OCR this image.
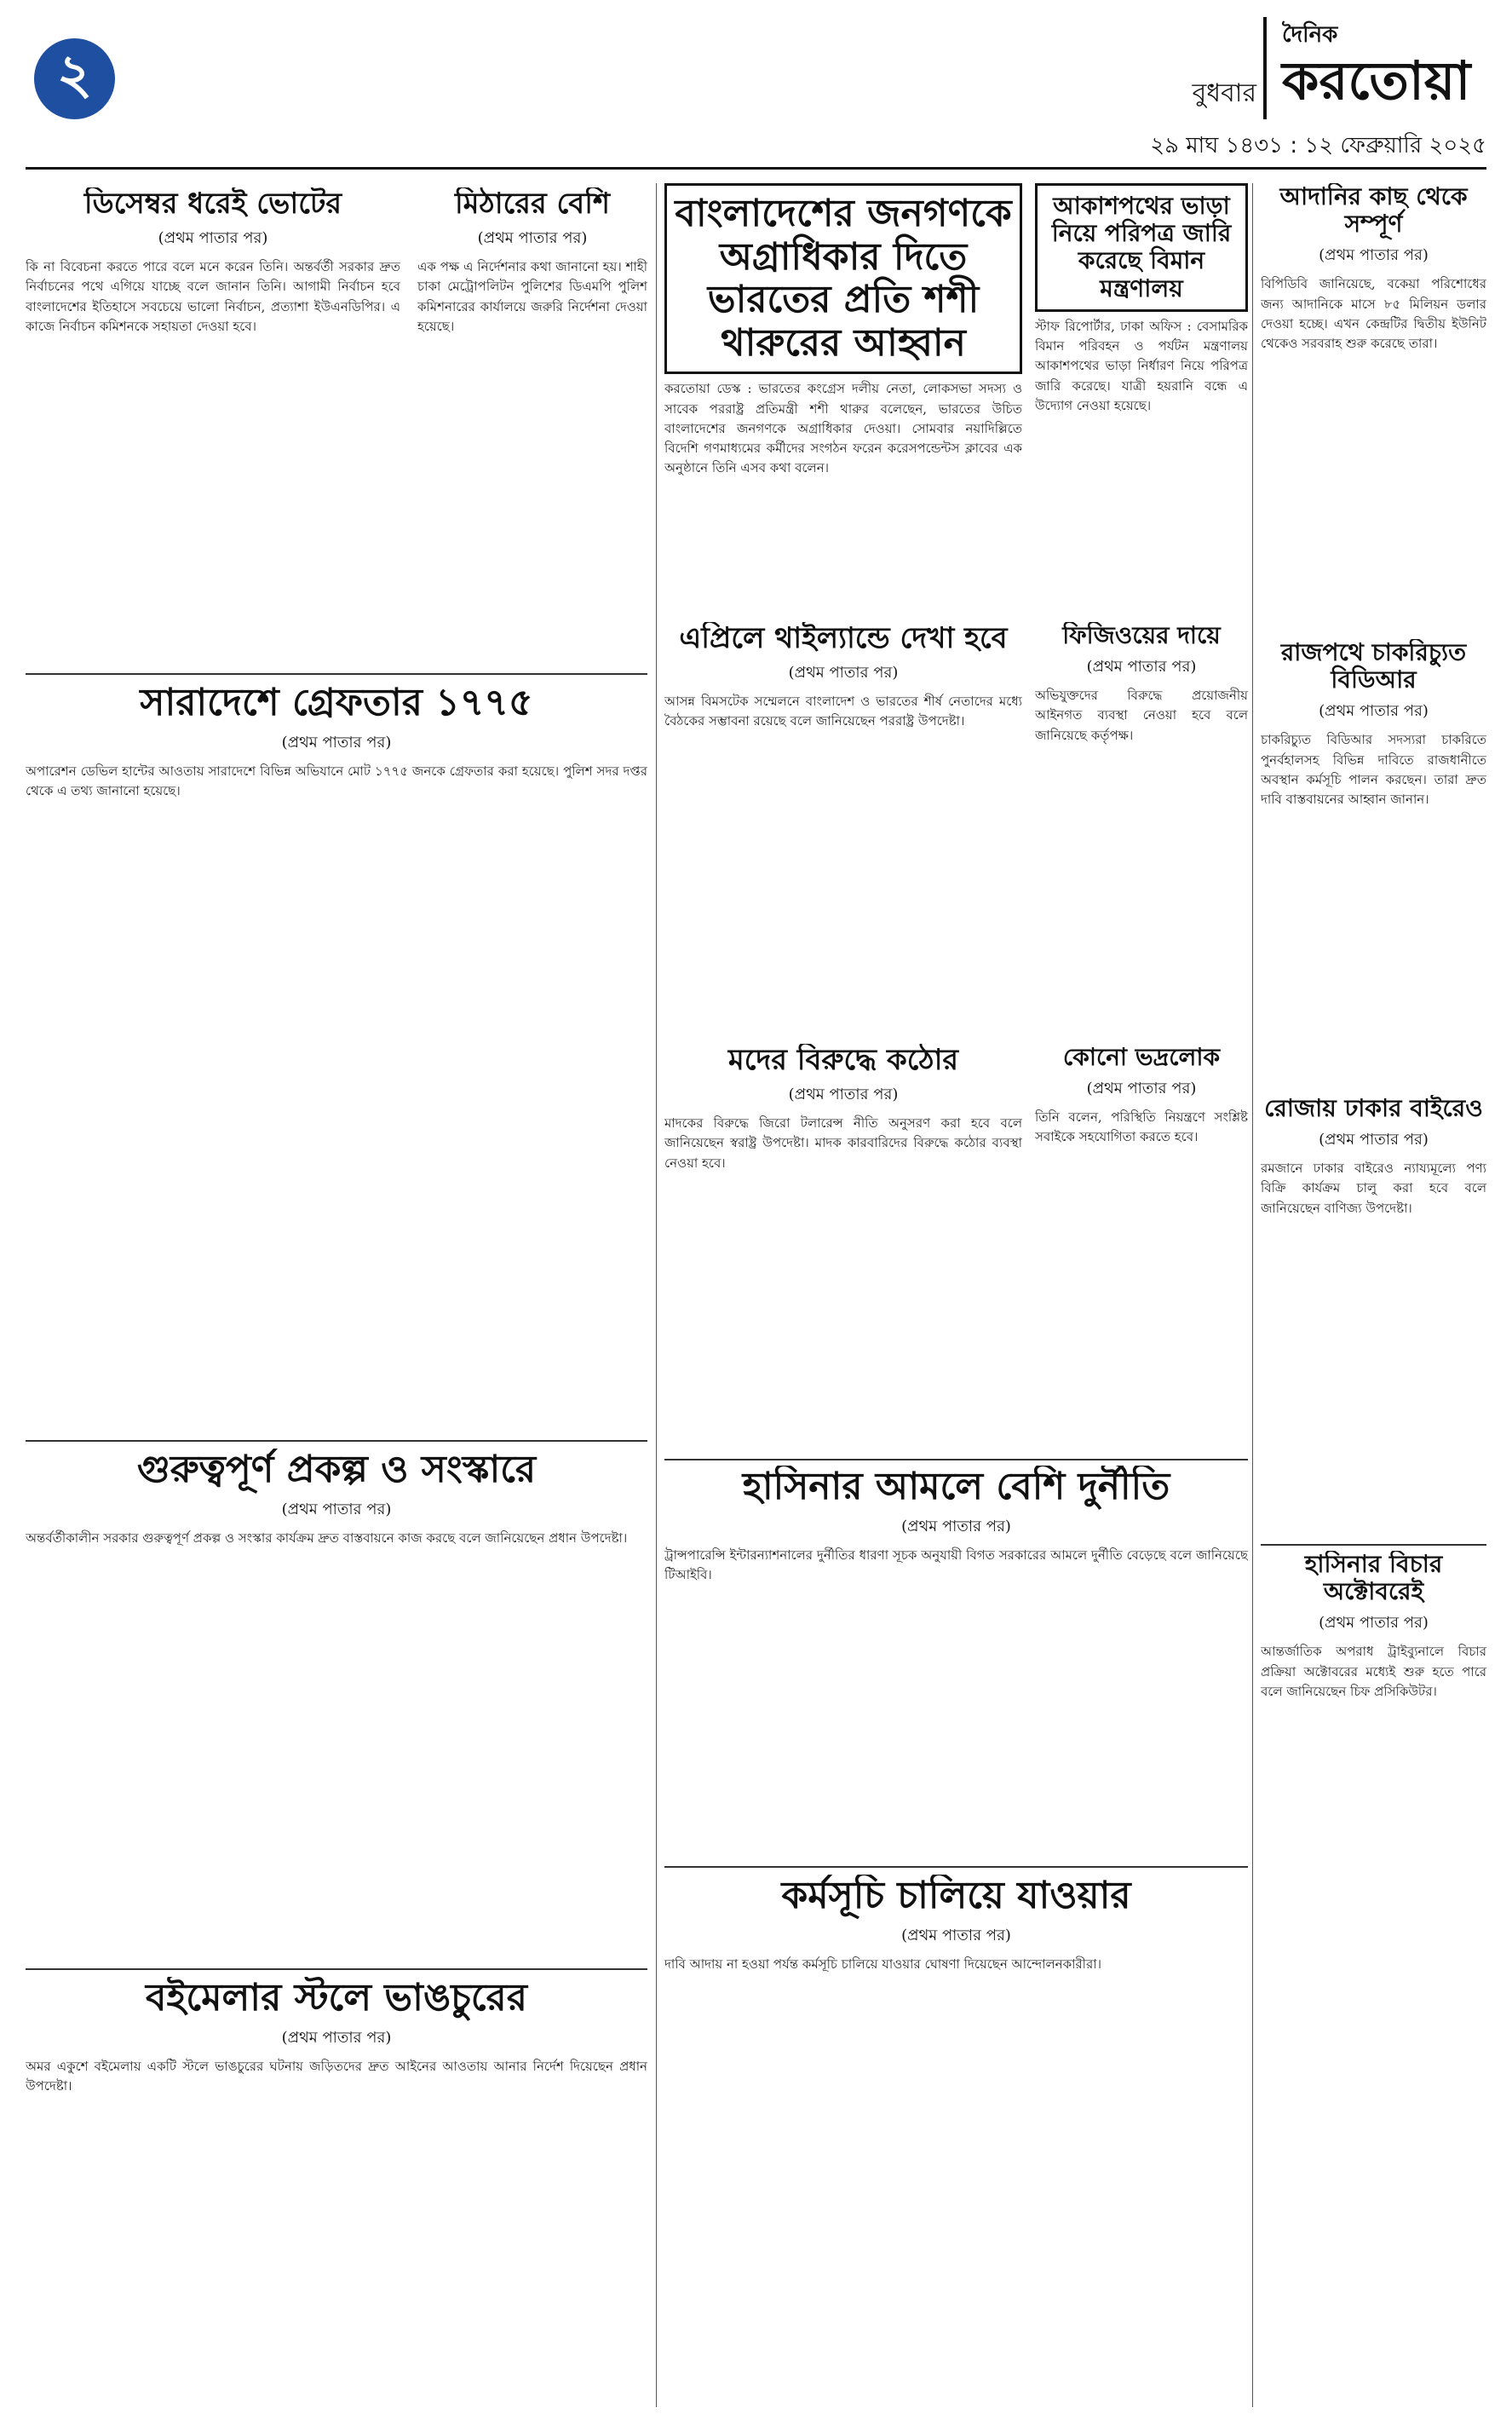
২	বুধবার
দৈনিক
করতোয়া
২৯ মাঘ ১৪৩১ : ১২ ফেব্রুয়ারি ২০২৫
ডিসেম্বর ধরেই ভোটের
(প্রথম পাতার পর)
কি না বিবেচনা করতে পারে বলে মনে করেন তিনি। অন্তর্বর্তী সরকার দ্রুত নির্বাচনের পথে এগিয়ে যাচ্ছে বলে জানান তিনি। আগামী নির্বাচন হবে বাংলাদেশের ইতিহাসে সবচেয়ে ভালো নির্বাচন, প্রত্যাশা ইউএনডিপির। এ কাজে নির্বাচন কমিশনকে সহায়তা দেওয়া হবে।
মিঠারের বেশি
(প্রথম পাতার পর)
এক পক্ষ এ নির্দেশনার কথা জানানো হয়। শাহী চাকা মেট্রোপলিটন পুলিশের ডিএমপি পুলিশ কমিশনারের কার্যালয়ে জরুরি নির্দেশনা দেওয়া হয়েছে।
বাংলাদেশের জনগণকে অগ্রাধিকার দিতে ভারতের প্রতি শশী থারুরের আহ্বান
করতোয়া ডেস্ক : ভারতের কংগ্রেস দলীয় নেতা, লোকসভা সদস্য ও সাবেক পররাষ্ট্র প্রতিমন্ত্রী শশী থারুর বলেছেন, ভারতের উচিত বাংলাদেশের জনগণকে অগ্রাধিকার দেওয়া। সোমবার নয়াদিল্লিতে বিদেশি গণমাধ্যমের কর্মীদের সংগঠন ফরেন করেসপন্ডেন্টস ক্লাবের এক অনুষ্ঠানে তিনি এসব কথা বলেন।
আকাশপথের ভাড়া নিয়ে পরিপত্র জারি করেছে বিমান মন্ত্রণালয়
স্টাফ রিপোর্টার, ঢাকা অফিস : বেসামরিক বিমান পরিবহন ও পর্যটন মন্ত্রণালয় আকাশপথের ভাড়া নির্ধারণ নিয়ে পরিপত্র জারি করেছে। যাত্রী হয়রানি বন্ধে এ উদ্যোগ নেওয়া হয়েছে।
আদানির কাছ থেকে সম্পূর্ণ
(প্রথম পাতার পর)
বিপিডিবি জানিয়েছে, বকেয়া পরিশোধের জন্য আদানিকে মাসে ৮৫ মিলিয়ন ডলার দেওয়া হচ্ছে। এখন কেন্দ্রটির দ্বিতীয় ইউনিট থেকেও সরবরাহ শুরু করেছে তারা।
রাজপথে চাকরিচ্যুত বিডিআর
(প্রথম পাতার পর)
চাকরিচ্যুত বিডিআর সদস্যরা চাকরিতে পুনর্বহালসহ বিভিন্ন দাবিতে রাজধানীতে অবস্থান কর্মসূচি পালন করছেন। তারা দ্রুত দাবি বাস্তবায়নের আহ্বান জানান।
সারাদেশে গ্রেফতার ১৭৭৫
(প্রথম পাতার পর)
অপারেশন ডেভিল হান্টের আওতায় সারাদেশে বিভিন্ন অভিযানে মোট ১৭৭৫ জনকে গ্রেফতার করা হয়েছে। পুলিশ সদর দপ্তর থেকে এ তথ্য জানানো হয়েছে।
এপ্রিলে থাইল্যান্ডে দেখা হবে
(প্রথম পাতার পর)
আসন্ন বিমসটেক সম্মেলনে বাংলাদেশ ও ভারতের শীর্ষ নেতাদের মধ্যে বৈঠকের সম্ভাবনা রয়েছে বলে জানিয়েছেন পররাষ্ট্র উপদেষ্টা।
ফিজিওয়ের দায়ে
(প্রথম পাতার পর)
অভিযুক্তদের বিরুদ্ধে প্রয়োজনীয় আইনগত ব্যবস্থা নেওয়া হবে বলে জানিয়েছে কর্তৃপক্ষ।
মদের বিরুদ্ধে কঠোর
(প্রথম পাতার পর)
মাদকের বিরুদ্ধে জিরো টলারেন্স নীতি অনুসরণ করা হবে বলে জানিয়েছেন স্বরাষ্ট্র উপদেষ্টা। মাদক কারবারিদের বিরুদ্ধে কঠোর ব্যবস্থা নেওয়া হবে।
কোনো ভদ্রলোক
(প্রথম পাতার পর)
তিনি বলেন, পরিস্থিতি নিয়ন্ত্রণে সংশ্লিষ্ট সবাইকে সহযোগিতা করতে হবে।
রোজায় ঢাকার বাইরেও
(প্রথম পাতার পর)
রমজানে ঢাকার বাইরেও ন্যায্যমূল্যে পণ্য বিক্রি কার্যক্রম চালু করা হবে বলে জানিয়েছেন বাণিজ্য উপদেষ্টা।
গুরুত্বপূর্ণ প্রকল্প ও সংস্কারে
(প্রথম পাতার পর)
অন্তর্বর্তীকালীন সরকার গুরুত্বপূর্ণ প্রকল্প ও সংস্কার কার্যক্রম দ্রুত বাস্তবায়নে কাজ করছে বলে জানিয়েছেন প্রধান উপদেষ্টা।
হাসিনার আমলে বেশি দুর্নীতি
(প্রথম পাতার পর)
ট্রান্সপারেন্সি ইন্টারন্যাশনালের দুর্নীতির ধারণা সূচক অনুযায়ী বিগত সরকারের আমলে দুর্নীতি বেড়েছে বলে জানিয়েছে টিআইবি।
বইমেলার স্টলে ভাঙচুরের
(প্রথম পাতার পর)
অমর একুশে বইমেলায় একটি স্টলে ভাঙচুরের ঘটনায় জড়িতদের দ্রুত আইনের আওতায় আনার নির্দেশ দিয়েছেন প্রধান উপদেষ্টা।
কর্মসূচি চালিয়ে যাওয়ার
(প্রথম পাতার পর)
দাবি আদায় না হওয়া পর্যন্ত কর্মসূচি চালিয়ে যাওয়ার ঘোষণা দিয়েছেন আন্দোলনকারীরা।
হাসিনার বিচার অক্টোবরেই
(প্রথম পাতার পর)
আন্তর্জাতিক অপরাধ ট্রাইব্যুনালে বিচার প্রক্রিয়া অক্টোবরের মধ্যেই শুরু হতে পারে বলে জানিয়েছেন চিফ প্রসিকিউটর।
